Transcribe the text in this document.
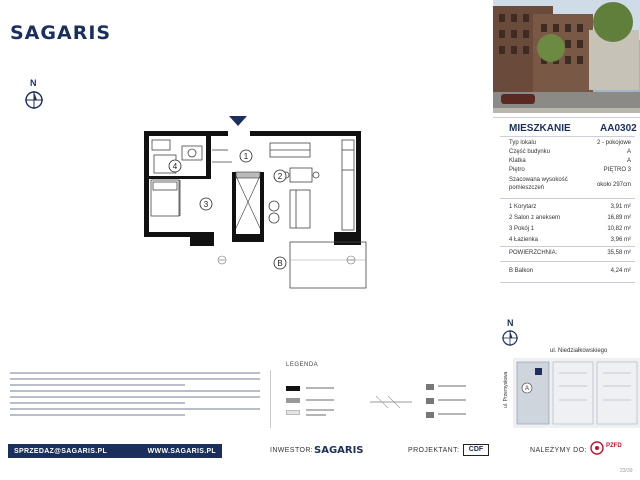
SAGARIS
N
4
1
2
3
B
SPRZEDAZ@SAGARIS.PL	WWW.SAGARIS.PL
LEGENDA
INWESTOR: SAGARIS	PROJEKTANT:	CDF	NALEŻYMY DO:
PZFD
23/39
MIESZKANIE	AA0302
Typ lokalu	2 - pokojowe
Część budynku	A
Klatka	A
Piętro	PIĘTRO 3
Szacowana wysokość pomieszczeń	około 297cm
1 Korytarz	3,91 m²
2 Salon z aneksem	16,89 m²
3 Pokój 1	10,82 m²
4 Łazienka	3,96 m²
POWIERZCHNIA:	35,58 m²
B Balkon	4,24 m²
N
ul. Niedziałkowskiego
ul. Przemysłowa	A
